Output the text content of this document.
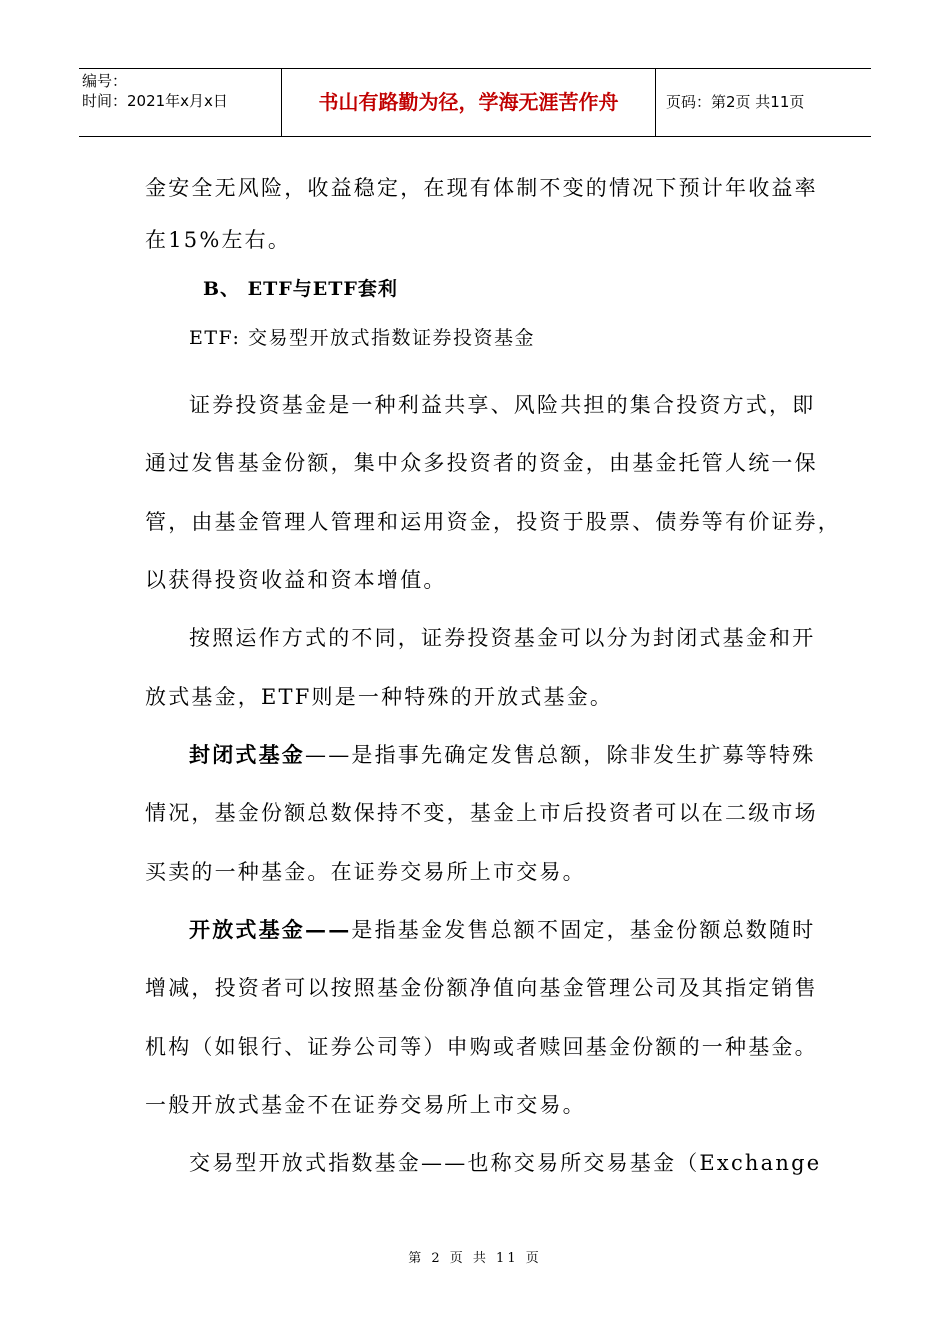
编号：
时间：2021年x月x日	书山有路勤为径，学海无涯苦作舟	页码：第2页 共11页
金安全无风险，收益稳定，在现有体制不变的情况下预计年收益率
在15%左右。
B、 ETF与ETF套利
ETF: 交易型开放式指数证券投资基金
证券投资基金是一种利益共享、风险共担的集合投资方式，即
通过发售基金份额，集中众多投资者的资金，由基金托管人统一保
管，由基金管理人管理和运用资金，投资于股票、债券等有价证券，
以获得投资收益和资本增值。
按照运作方式的不同，证券投资基金可以分为封闭式基金和开
放式基金，ETF则是一种特殊的开放式基金。
封闭式基金——是指事先确定发售总额，除非发生扩募等特殊
情况，基金份额总数保持不变，基金上市后投资者可以在二级市场
买卖的一种基金。在证券交易所上市交易。
开放式基金——是指基金发售总额不固定，基金份额总数随时
增减，投资者可以按照基金份额净值向基金管理公司及其指定销售
机构（如银行、证券公司等）申购或者赎回基金份额的一种基金。
一般开放式基金不在证券交易所上市交易。
交易型开放式指数基金——也称交易所交易基金（Exchange
第 2 页 共 11 页
